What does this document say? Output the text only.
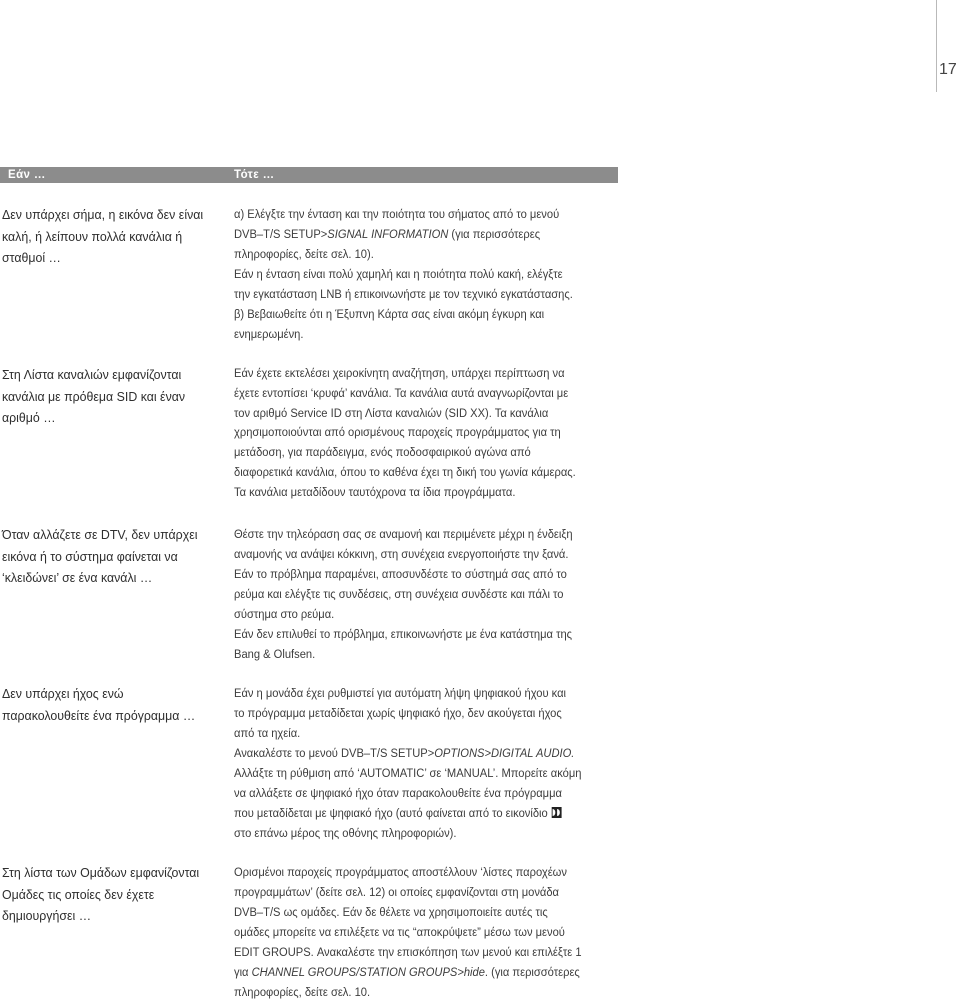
17
Εάν …	Τότε …
Δεν υπάρχει σήμα, η εικόνα δεν είναι
καλή, ή λείπουν πολλά κανάλια ή
σταθμοί …
α) Ελέγξτε την ένταση και την ποιότητα του σήματος από το μενού
DVB–T/S SETUP>SIGNAL INFORMATION (για περισσότερες
πληροφορίες, δείτε σελ. 10).
Εάν η ένταση είναι πολύ χαμηλή και η ποιότητα πολύ κακή, ελέγξτε
την εγκατάσταση LNB ή επικοινωνήστε με τον τεχνικό εγκατάστασης.
β) Βεβαιωθείτε ότι η Έξυπνη Κάρτα σας είναι ακόμη έγκυρη και
ενημερωμένη.
Στη Λίστα καναλιών εμφανίζονται
κανάλια με πρόθεμα SID και έναν
αριθμό …
Εάν έχετε εκτελέσει χειροκίνητη αναζήτηση, υπάρχει περίπτωση να
έχετε εντοπίσει ‘κρυφά’ κανάλια. Τα κανάλια αυτά αναγνωρίζονται με
τον αριθμό Service ID στη Λίστα καναλιών (SID XX). Τα κανάλια
χρησιμοποιούνται από ορισμένους παροχείς προγράμματος για τη
μετάδοση, για παράδειγμα, ενός ποδοσφαιρικού αγώνα από
διαφορετικά κανάλια, όπου το καθένα έχει τη δική του γωνία κάμερας.
Τα κανάλια μεταδίδουν ταυτόχρονα τα ίδια προγράμματα.
Όταν αλλάζετε σε DTV, δεν υπάρχει
εικόνα ή το σύστημα φαίνεται να
‘κλειδώνει’ σε ένα κανάλι …
Θέστε την τηλεόραση σας σε αναμονή και περιμένετε μέχρι η ένδειξη
αναμονής να ανάψει κόκκινη, στη συνέχεια ενεργοποιήστε την ξανά.
Εάν το πρόβλημα παραμένει, αποσυνδέστε το σύστημά σας από το
ρεύμα και ελέγξτε τις συνδέσεις, στη συνέχεια συνδέστε και πάλι το
σύστημα στο ρεύμα.
Εάν δεν επιλυθεί το πρόβλημα, επικοινωνήστε με ένα κατάστημα της
Bang & Olufsen.
Δεν υπάρχει ήχος ενώ
παρακολουθείτε ένα πρόγραμμα …
Εάν η μονάδα έχει ρυθμιστεί για αυτόματη λήψη ψηφιακού ήχου και
το πρόγραμμα μεταδίδεται χωρίς ψηφιακό ήχο, δεν ακούγεται ήχος
από τα ηχεία.
Ανακαλέστε το μενού DVB–T/S SETUP>OPTIONS>DIGITAL AUDIO.
Αλλάξτε τη ρύθμιση από ‘AUTOMATIC’ σε ‘MANUAL’. Μπορείτε ακόμη
να αλλάξετε σε ψηφιακό ήχο όταν παρακολουθείτε ένα πρόγραμμα
που μεταδίδεται με ψηφιακό ήχο (αυτό φαίνεται από το εικονίδιο
στο επάνω μέρος της οθόνης πληροφοριών).
Στη λίστα των Ομάδων εμφανίζονται
Ομάδες τις οποίες δεν έχετε
δημιουργήσει …
Ορισμένοι παροχείς προγράμματος αποστέλλουν ‘λίστες παροχέων
προγραμμάτων’ (δείτε σελ. 12) οι οποίες εμφανίζονται στη μονάδα
DVB–T/S ως ομάδες. Εάν δε θέλετε να χρησιμοποιείτε αυτές τις
ομάδες μπορείτε να επιλέξετε να τις “αποκρύψετε” μέσω των μενού
EDIT GROUPS. Ανακαλέστε την επισκόπηση των μενού και επιλέξτε 1
για CHANNEL GROUPS/STATION GROUPS>hide. (για περισσότερες
πληροφορίες, δείτε σελ. 10.
